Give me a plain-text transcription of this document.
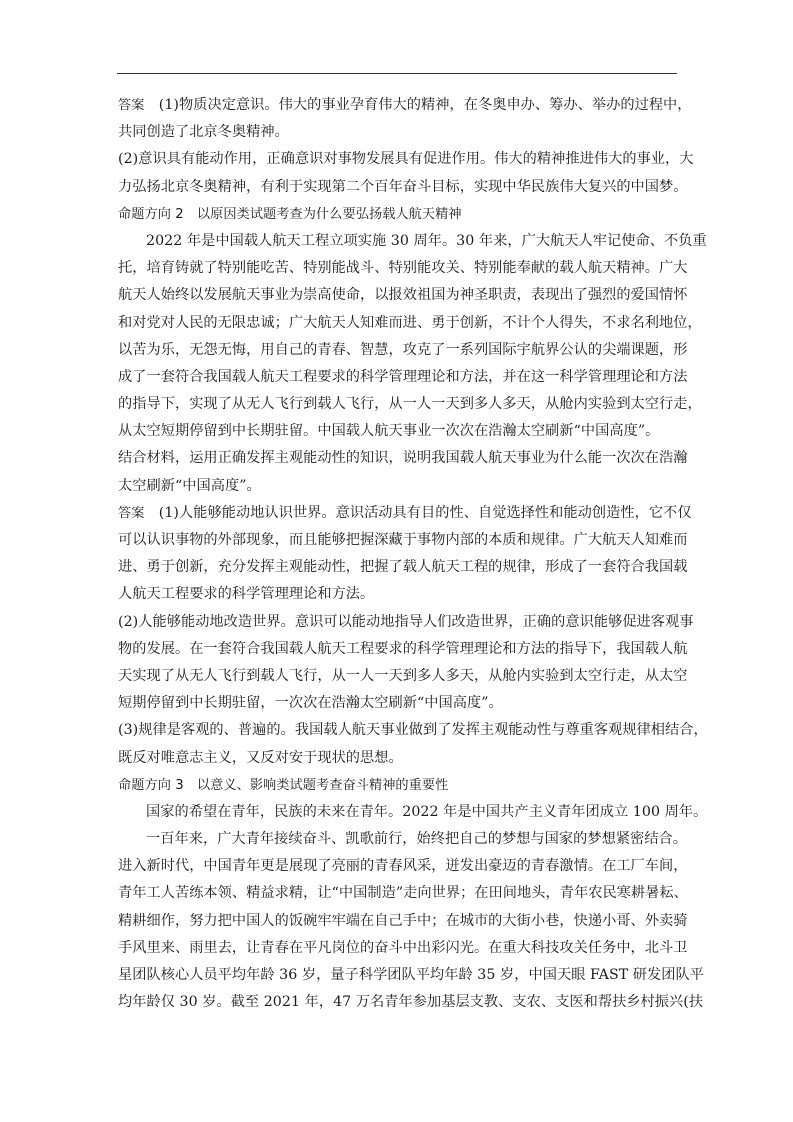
答案　 (1)物质决定意识。伟大的事业孕育伟大的精神，在冬奥申办、筹办、举办的过程中，
共同创造了北京冬奥精神。
(2)意识具有能动作用，正确意识对事物发展具有促进作用。伟大的精神推进伟大的事业，大
力弘扬北京冬奥精神，有利于实现第二个百年奋斗目标，实现中华民族伟大复兴的中国梦。
命题方向 2　以原因类试题考查为什么要弘扬载人航天精神
2022 年是中国载人航天工程立项实施 30 周年。30 年来，广大航天人牢记使命、不负重
托，培育铸就了特别能吃苦、特别能战斗、特别能攻关、特别能奉献的载人航天精神。广大
航天人始终以发展航天事业为崇高使命，以报效祖国为神圣职责，表现出了强烈的爱国情怀
和对党对人民的无限忠诚；广大航天人知难而进、勇于创新，不计个人得失，不求名利地位，
以苦为乐，无怨无悔，用自己的青春、智慧，攻克了一系列国际宇航界公认的尖端课题，形
成了一套符合我国载人航天工程要求的科学管理理论和方法，并在这一科学管理理论和方法
的指导下，实现了从无人飞行到载人飞行，从一人一天到多人多天，从舱内实验到太空行走，
从太空短期停留到中长期驻留。中国载人航天事业一次次在浩瀚太空刷新“中国高度”。
结合材料，运用正确发挥主观能动性的知识，说明我国载人航天事业为什么能一次次在浩瀚
太空刷新“中国高度”。
答案　 (1)人能够能动地认识世界。意识活动具有目的性、自觉选择性和能动创造性，它不仅
可以认识事物的外部现象，而且能够把握深藏于事物内部的本质和规律。广大航天人知难而
进、勇于创新，充分发挥主观能动性，把握了载人航天工程的规律，形成了一套符合我国载
人航天工程要求的科学管理理论和方法。
(2)人能够能动地改造世界。意识可以能动地指导人们改造世界，正确的意识能够促进客观事
物的发展。在一套符合我国载人航天工程要求的科学管理理论和方法的指导下，我国载人航
天实现了从无人飞行到载人飞行，从一人一天到多人多天，从舱内实验到太空行走，从太空
短期停留到中长期驻留，一次次在浩瀚太空刷新“中国高度”。
(3)规律是客观的、普遍的。我国载人航天事业做到了发挥主观能动性与尊重客观规律相结合，
既反对唯意志主义，又反对安于现状的思想。
命题方向 3　以意义、影响类试题考查奋斗精神的重要性
国家的希望在青年，民族的未来在青年。2022 年是中国共产主义青年团成立 100 周年。
一百年来，广大青年接续奋斗、凯歌前行，始终把自己的梦想与国家的梦想紧密结合。
进入新时代，中国青年更是展现了亮丽的青春风采，迸发出豪迈的青春激情。在工厂车间，
青年工人苦练本领、精益求精，让“中国制造”走向世界；在田间地头，青年农民寒耕暑耘、
精耕细作，努力把中国人的饭碗牢牢端在自己手中；在城市的大街小巷，快递小哥、外卖骑
手风里来、雨里去，让青春在平凡岗位的奋斗中出彩闪光。在重大科技攻关任务中，北斗卫
星团队核心人员平均年龄 36 岁，量子科学团队平均年龄 35 岁，中国天眼 FAST 研发团队平
均年龄仅 30 岁。截至 2021 年，47 万名青年参加基层支教、支农、支医和帮扶乡村振兴(扶
